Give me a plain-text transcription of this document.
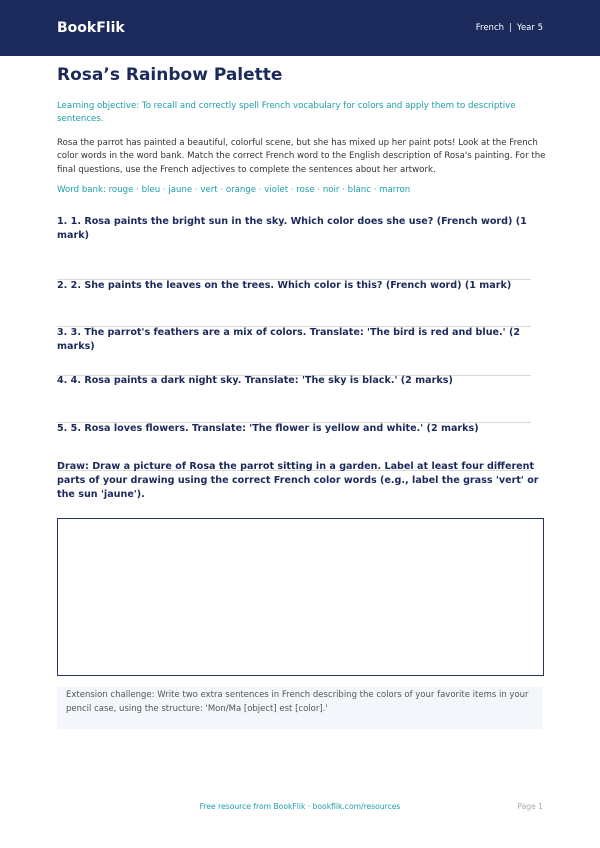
BookFlik	French | Year 5
Rosa’s Rainbow Palette

Learning objective: To recall and correctly spell French vocabulary for colors and apply them to descriptive sentences.

Rosa the parrot has painted a beautiful, colorful scene, but she has mixed up her paint pots! Look at the French color words in the word bank. Match the correct French word to the English description of Rosa's painting. For the final questions, use the French adjectives to complete the sentences about her artwork.

Word bank: rouge · bleu · jaune · vert · orange · violet · rose · noir · blanc · marron

1. 1. Rosa paints the bright sun in the sky. Which color does she use? (French word) (1 mark)

2. 2. She paints the leaves on the trees. Which color is this? (French word) (1 mark)

3. 3. The parrot's feathers are a mix of colors. Translate: 'The bird is red and blue.' (2 marks)

4. 4. Rosa paints a dark night sky. Translate: 'The sky is black.' (2 marks)

5. 5. Rosa loves flowers. Translate: 'The flower is yellow and white.' (2 marks)

Draw: Draw a picture of Rosa the parrot sitting in a garden. Label at least four different parts of your drawing using the correct French color words (e.g., label the grass 'vert' or the sun 'jaune').

Extension challenge: Write two extra sentences in French describing the colors of your favorite items in your pencil case, using the structure: 'Mon/Ma [object] est [color].'
Free resource from BookFlik · bookflik.com/resources	Page 1
